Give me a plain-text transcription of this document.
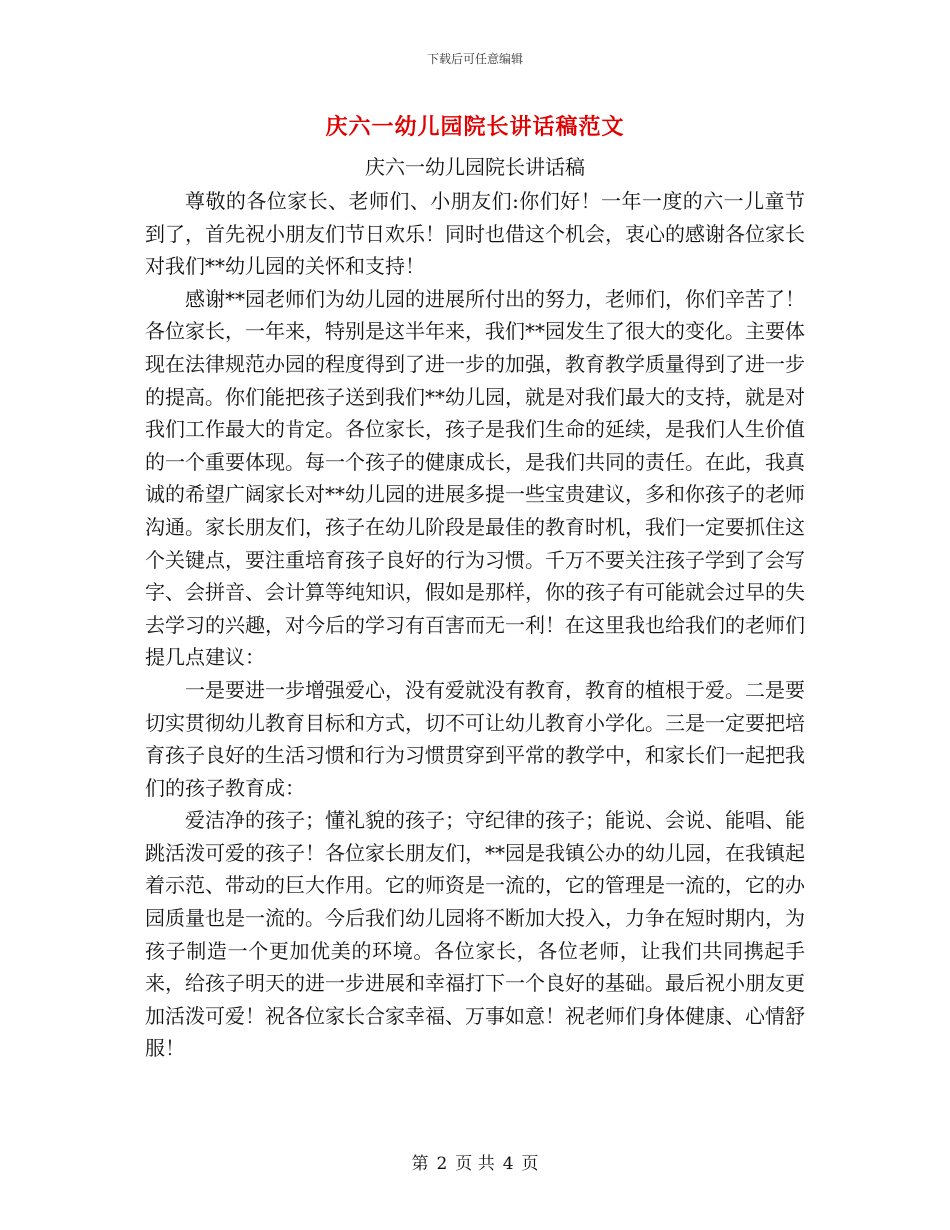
下载后可任意编辑
庆六一幼儿园院长讲话稿范文
庆六一幼儿园院长讲话稿

尊敬的各位家长、老师们、小朋友们:你们好！一年一度的六一儿童节到了，首先祝小朋友们节日欢乐！同时也借这个机会，衷心的感谢各位家长对我们**幼儿园的关怀和支持！

感谢**园老师们为幼儿园的进展所付出的努力，老师们，你们辛苦了！各位家长，一年来，特别是这半年来，我们**园发生了很大的变化。主要体现在法律规范办园的程度得到了进一步的加强，教育教学质量得到了进一步的提高。你们能把孩子送到我们**幼儿园，就是对我们最大的支持，就是对我们工作最大的肯定。各位家长，孩子是我们生命的延续，是我们人生价值的一个重要体现。每一个孩子的健康成长，是我们共同的责任。在此，我真诚的希望广阔家长对**幼儿园的进展多提一些宝贵建议，多和你孩子的老师沟通。家长朋友们，孩子在幼儿阶段是最佳的教育时机，我们一定要抓住这个关键点，要注重培育孩子良好的行为习惯。千万不要关注孩子学到了会写字、会拼音、会计算等纯知识，假如是那样，你的孩子有可能就会过早的失去学习的兴趣，对今后的学习有百害而无一利！在这里我也给我们的老师们提几点建议：

一是要进一步增强爱心，没有爱就没有教育，教育的植根于爱。二是要切实贯彻幼儿教育目标和方式，切不可让幼儿教育小学化。三是一定要把培育孩子良好的生活习惯和行为习惯贯穿到平常的教学中，和家长们一起把我们的孩子教育成：

爱洁净的孩子；懂礼貌的孩子；守纪律的孩子；能说、会说、能唱、能跳活泼可爱的孩子！各位家长朋友们，**园是我镇公办的幼儿园，在我镇起着示范、带动的巨大作用。它的师资是一流的，它的管理是一流的，它的办园质量也是一流的。今后我们幼儿园将不断加大投入，力争在短时期内，为孩子制造一个更加优美的环境。各位家长，各位老师，让我们共同携起手来，给孩子明天的进一步进展和幸福打下一个良好的基础。最后祝小朋友更加活泼可爱！祝各位家长合家幸福、万事如意！祝老师们身体健康、心情舒服！

第 2 页 共 4 页
